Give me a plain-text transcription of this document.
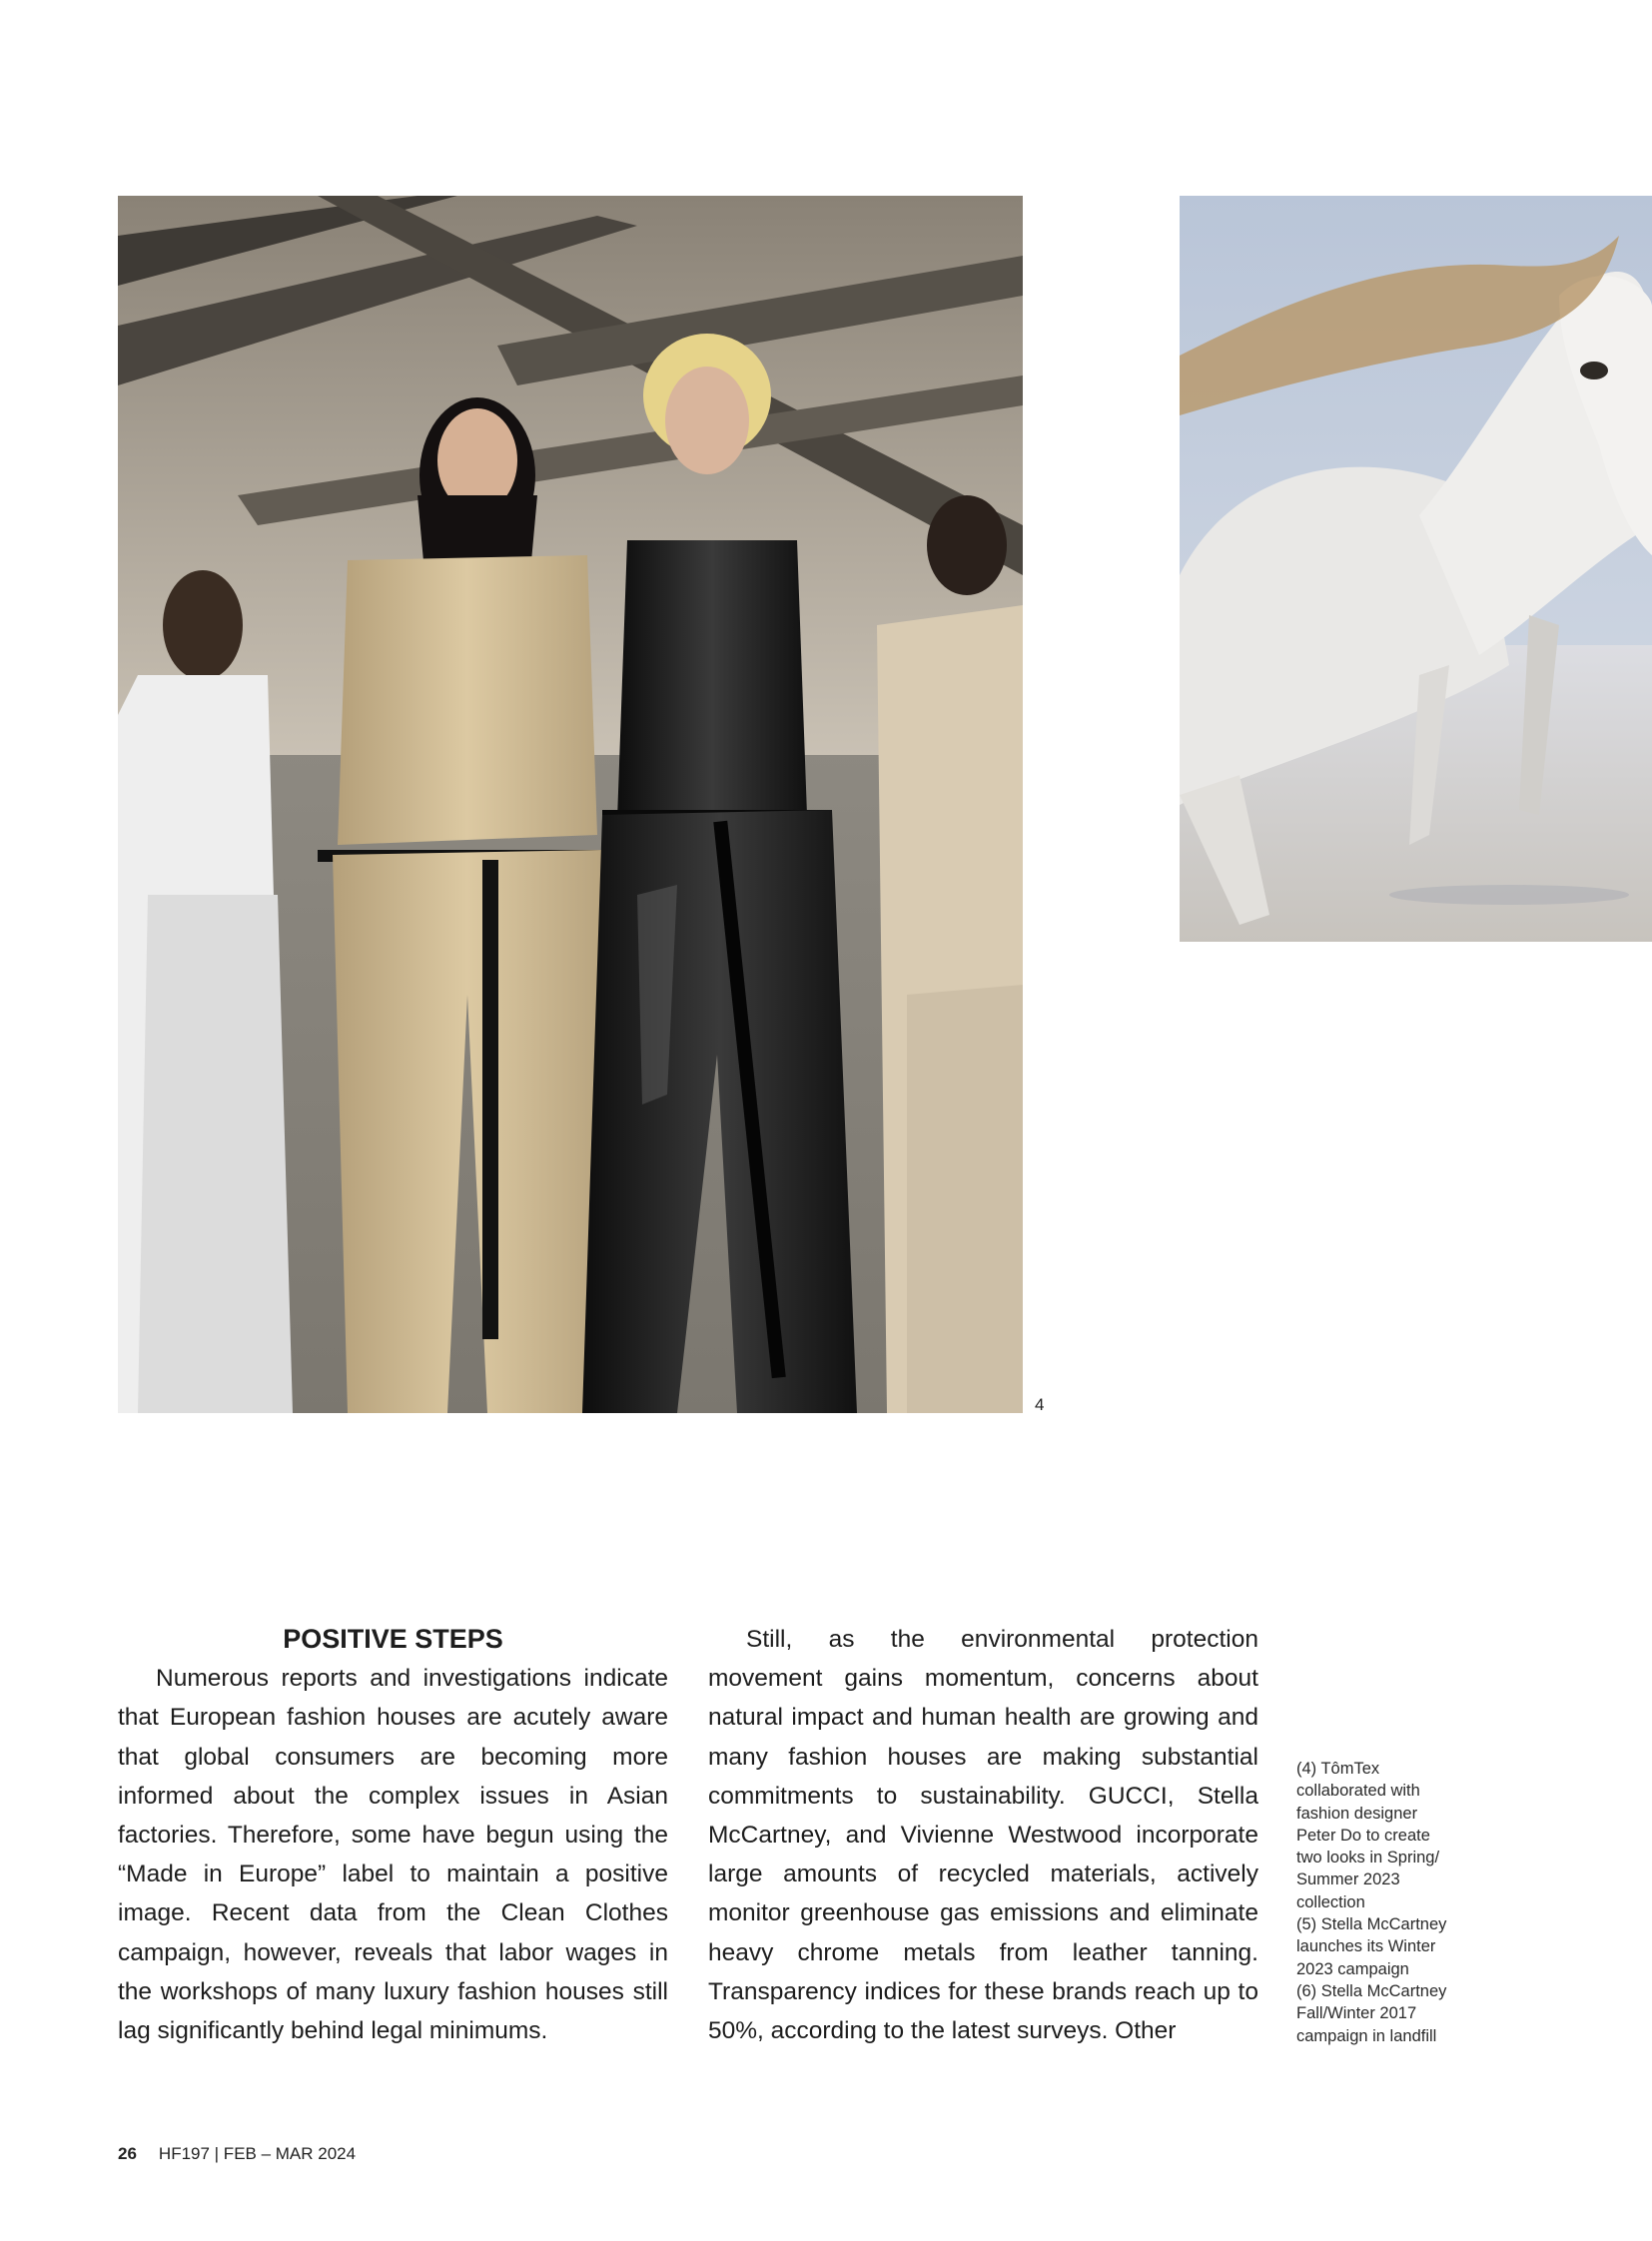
4

POSITIVE STEPS

Numerous reports and investigations indicate that European fashion houses are acutely aware that global consumers are becoming more informed about the complex issues in Asian factories. Therefore, some have begun using the “Made in Europe” label to maintain a positive image. Recent data from the Clean Clothes campaign, however, reveals that labor wages in the workshops of many luxury fashion houses still lag significantly behind legal minimums.

Still, as the environmental protection movement gains momentum, concerns about natural impact and human health are growing and many fashion houses are making substantial commitments to sustainability. GUCCI, Stella McCartney, and Vivienne Westwood incorporate large amounts of recycled materials, actively monitor greenhouse gas emissions and eliminate heavy chrome metals from leather tanning. Transparency indices for these brands reach up to 50%, according to the latest surveys. Other

(4) TômTex
collaborated with
fashion designer
Peter Do to create
two looks in Spring/
Summer 2023
collection
(5) Stella McCartney
launches its Winter
2023 campaign
(6) Stella McCartney
Fall/Winter 2017
campaign in landfill
26 HF197 | FEB – MAR 2024
